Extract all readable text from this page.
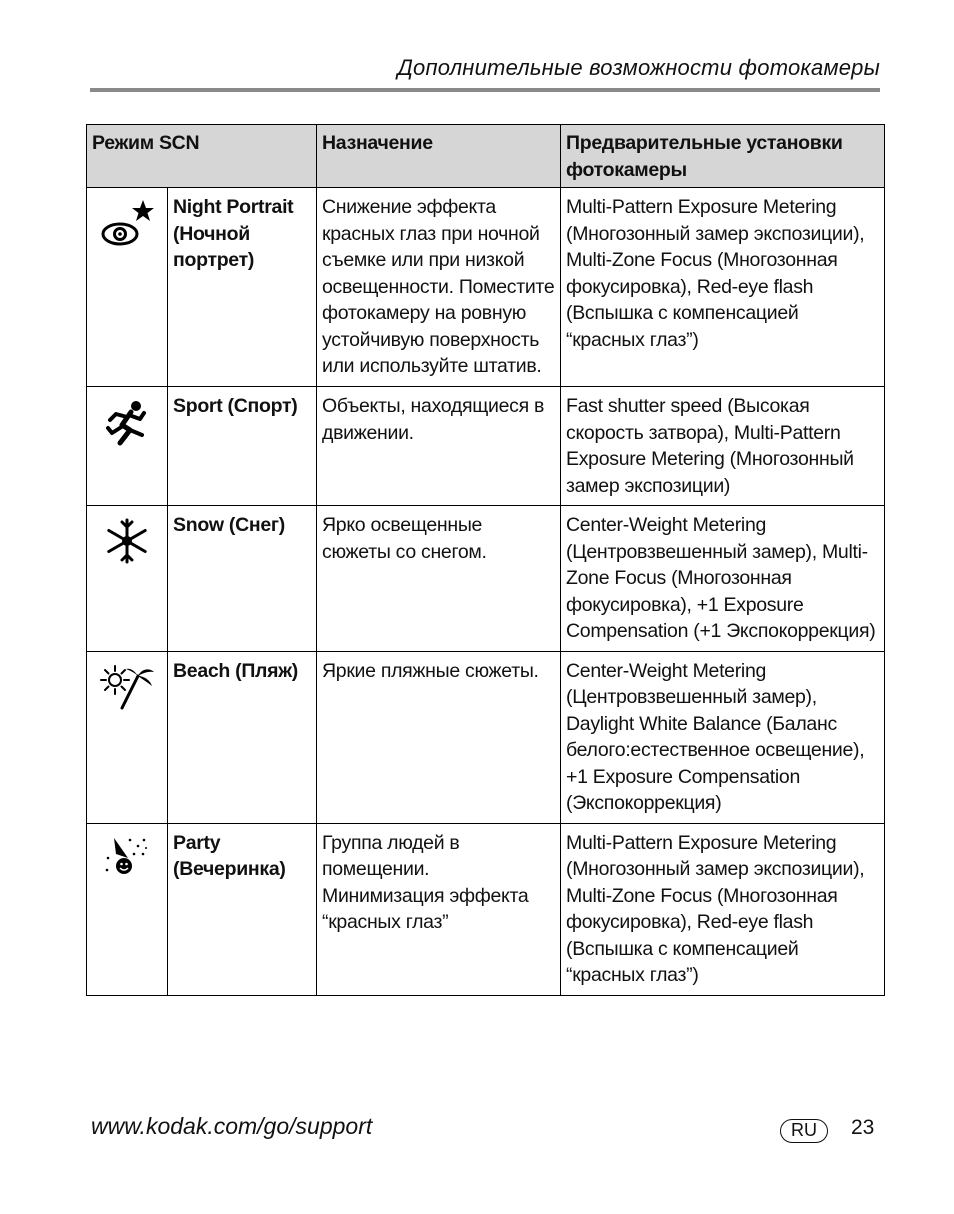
Дополнительные возможности фотокамеры
Режим SCN		Назначение	Предварительные установки фотокамеры

	Night Portrait (Ночной портрет)	Снижение эффекта красных глаз при ночной съемке или при низкой освещенности. Поместите фотокамеру на ровную устойчивую поверхность или используйте штатив.	Multi-Pattern Exposure Metering (Многозонный замер экспозиции), Multi-Zone Focus (Многозонная фокусировка), Red-eye flash (Вспышка с компенсацией “красных глаз”)

	Sport (Спорт)	Объекты, находящиеся в движении.	Fast shutter speed (Высокая скорость затвора), Multi-Pattern Exposure Metering (Многозонный замер экспозиции)

	Snow (Снег)	Ярко освещенные сюжеты со снегом.	Center-Weight Metering (Центровзвешенный замер), Multi-Zone Focus (Многозонная фокусировка), +1 Exposure Compensation (+1 Экспокоррекция)

	Beach (Пляж)	Яркие пляжные сюжеты.	Center-Weight Metering (Центровзвешенный замер), Daylight White Balance (Баланс белого:естественное освещение), +1 Exposure Compensation (Экспокоррекция)

	Party (Вечеринка)	Группа людей в помещении. Минимизация эффекта “красных глаз”	Multi-Pattern Exposure Metering (Многозонный замер экспозиции), Multi-Zone Focus (Многозонная фокусировка), Red-eye flash (Вспышка с компенсацией “красных глаз”)
www.kodak.com/go/support	RU	23
